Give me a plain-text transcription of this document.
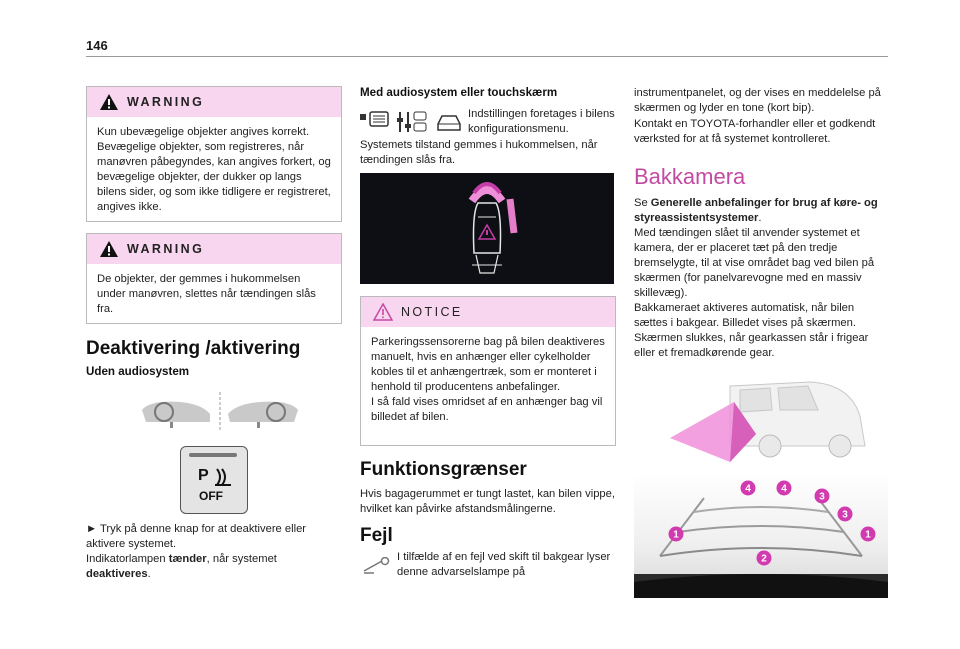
146
WARNING
Kun ubevægelige objekter angives korrekt. Bevægelige objekter, som registreres, når manøvren påbegyndes, kan angives forkert, og bevægelige objekter, der dukker op langs bilens sider, og som ikke tidligere er registreret, angives ikke.
WARNING
De objekter, der gemmes i hukommelsen under manøvren, slettes når tændingen slås fra.
Deaktivering /aktivering
Uden audiosystem
P
OFF
► Tryk på denne knap for at deaktivere eller aktivere systemet.
Indikatorlampen tænder, når systemet
deaktiveres.
Med audiosystem eller touchskærm
Indstillingen foretages i bilens konfigurationsmenu.
Systemets tilstand gemmes i hukommelsen, når tændingen slås fra.
NOTICE
Parkeringssensorerne bag på bilen deaktiveres manuelt, hvis en anhænger eller cykelholder kobles til et anhængertræk, som er monteret i henhold til producentens anbefalinger.
I så fald vises omridset af en anhænger bag vil billedet af bilen.
Funktionsgrænser
Hvis bagagerummet er tungt lastet, kan bilen vippe, hvilket kan påvirke afstandsmålingerne.
Fejl
I tilfælde af en fejl ved skift til bakgear lyser denne advarselslampe på
instrumentpanelet, og der vises en meddelelse på skærmen og lyder en tone (kort bip).
Kontakt en TOYOTA-forhandler eller et godkendt værksted for at få systemet kontrolleret.
Bakkamera
Se Generelle anbefalinger for brug af køre- og styreassistentsystemer.
Med tændingen slået til anvender systemet et kamera, der er placeret tæt på den tredje bremselygte, til at vise området bag ved bilen på skærmen (for panelvarevogne med en massiv skillevæg).
Bakkameraet aktiveres automatisk, når bilen sættes i bakgear. Billedet vises på skærmen.
Skærmen slukkes, når gearkassen står i frigear eller et fremadkørende gear.
4	4
3
3
1	1
2
